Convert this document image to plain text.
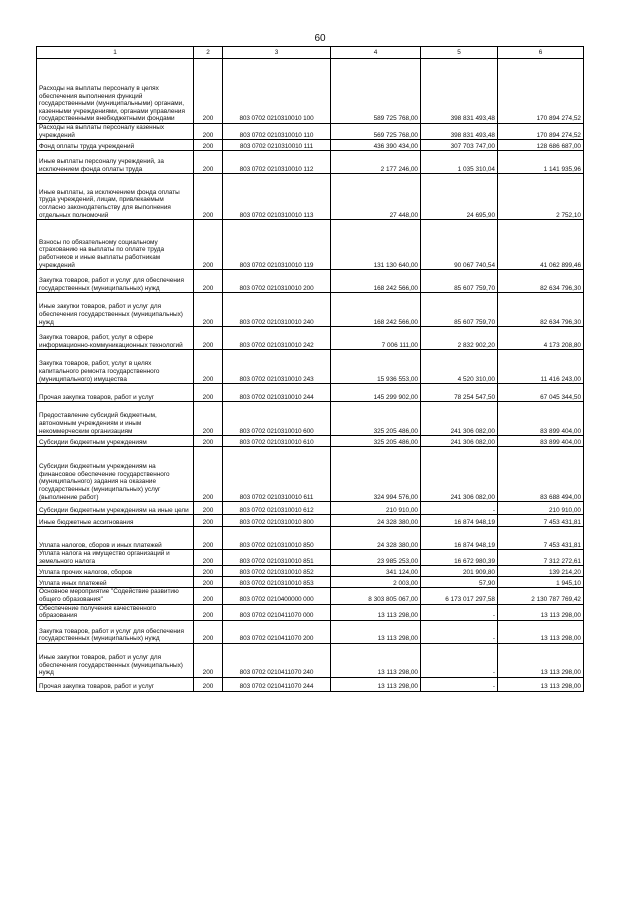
60
1	2	3	4	5	6
Расходы на выплаты персоналу в целях обеспечения выполнения функций государственными (муниципальными) органами, казенными учреждениями, органами управления государственными внебюджетными фондами	200	803 0702 0210310010 100	589 725 768,00	398 831 493,48	170 894 274,52
Расходы на выплаты персоналу казенных учреждений	200	803 0702 0210310010 110	569 725 768,00	398 831 493,48	170 894 274,52
Фонд оплаты труда учреждений	200	803 0702 0210310010 111	436 390 434,00	307 703 747,00	128 686 687,00
Иные выплаты персоналу учреждений, за исключением фонда оплаты труда	200	803 0702 0210310010 112	2 177 246,00	1 035 310,04	1 141 935,96
Иные выплаты, за исключением фонда оплаты труда учреждений, лицам, привлекаемым согласно законодательству для выполнения отдельных полномочий	200	803 0702 0210310010 113	27 448,00	24 695,90	2 752,10
Взносы по обязательному социальному страхованию на выплаты по оплате труда работников и иные выплаты работникам учреждений	200	803 0702 0210310010 119	131 130 640,00	90 067 740,54	41 062 899,46
Закупка товаров, работ и услуг для обеспечения государственных (муниципальных) нужд	200	803 0702 0210310010 200	168 242 566,00	85 607 759,70	82 634 796,30
Иные закупки товаров, работ и услуг для обеспечения государственных (муниципальных) нужд	200	803 0702 0210310010 240	168 242 566,00	85 607 759,70	82 634 796,30
Закупка товаров, работ, услуг в сфере информационно-коммуникационных технологий	200	803 0702 0210310010 242	7 006 111,00	2 832 902,20	4 173 208,80
Закупка товаров, работ, услуг в целях капитального ремонта государственного (муниципального) имущества	200	803 0702 0210310010 243	15 936 553,00	4 520 310,00	11 416 243,00
Прочая закупка товаров, работ и услуг	200	803 0702 0210310010 244	145 299 902,00	78 254 547,50	67 045 344,50
Предоставление субсидий бюджетным, автономным учреждениям и иным некоммерческим организациям	200	803 0702 0210310010 600	325 205 486,00	241 306 082,00	83 899 404,00
Субсидии бюджетным учреждениям	200	803 0702 0210310010 610	325 205 486,00	241 306 082,00	83 899 404,00
Субсидии бюджетным учреждениям на финансовое обеспечение государственного (муниципального) задания на оказание государственных (муниципальных) услуг (выполнение работ)	200	803 0702 0210310010 611	324 994 576,00	241 306 082,00	83 688 494,00
Субсидии бюджетным учреждениям на иные цели	200	803 0702 0210310010 612	210 910,00	-	210 910,00
Иные бюджетные ассигнования	200	803 0702 0210310010 800	24 328 380,00	16 874 948,19	7 453 431,81
Уплата налогов, сборов и иных платежей	200	803 0702 0210310010 850	24 328 380,00	16 874 948,19	7 453 431,81
Уплата налога на имущество организаций и земельного налога	200	803 0702 0210310010 851	23 985 253,00	16 672 980,39	7 312 272,61
Уплата прочих налогов, сборов	200	803 0702 0210310010 852	341 124,00	201 909,80	139 214,20
Уплата иных платежей	200	803 0702 0210310010 853	2 003,00	57,90	1 945,10
Основное мероприятие "Содействие развитию общего образования"	200	803 0702 0210400000 000	8 303 805 067,00	6 173 017 297,58	2 130 787 769,42
Обеспечение получения качественного образования	200	803 0702 0210411070 000	13 113 298,00	-	13 113 298,00
Закупка товаров, работ и услуг для обеспечения государственных (муниципальных) нужд	200	803 0702 0210411070 200	13 113 298,00	-	13 113 298,00
Иные закупки товаров, работ и услуг для обеспечения государственных (муниципальных) нужд	200	803 0702 0210411070 240	13 113 298,00	-	13 113 298,00
Прочая закупка товаров, работ и услуг	200	803 0702 0210411070 244	13 113 298,00	-	13 113 298,00
